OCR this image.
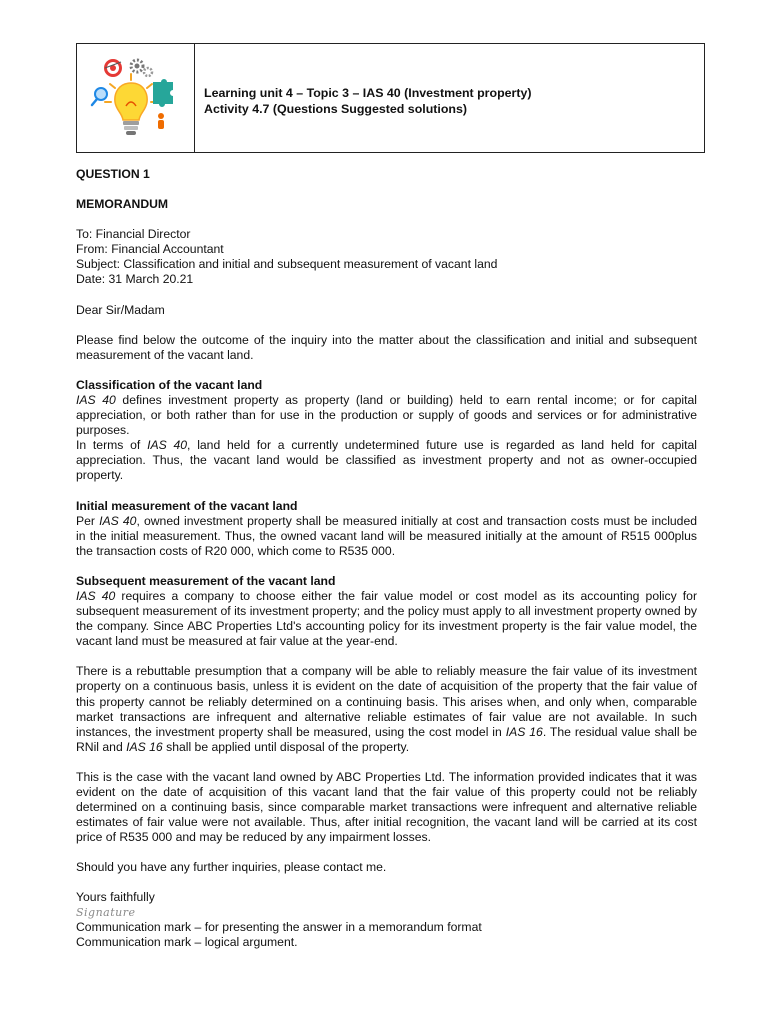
Learning unit 4 – Topic 3 – IAS 40 (Investment property)
Activity 4.7 (Questions Suggested solutions)

QUESTION 1

MEMORANDUM

To: Financial Director

From: Financial Accountant

Subject: Classification and initial and subsequent measurement of vacant land

Date: 31 March 20.21

Dear Sir/Madam

Please find below the outcome of the inquiry into the matter about the classification and initial and subsequent measurement of the vacant land.

Classification of the vacant land

IAS 40 defines investment property as property (land or building) held to earn rental income; or for capital appreciation, or both rather than for use in the production or supply of goods and services or for administrative purposes.

In terms of IAS 40, land held for a currently undetermined future use is regarded as land held for capital appreciation. Thus, the vacant land would be classified as investment property and not as owner-occupied property.

Initial measurement of the vacant land

Per IAS 40, owned investment property shall be measured initially at cost and transaction costs must be included in the initial measurement. Thus, the owned vacant land will be measured initially at the amount of R515 000plus the transaction costs of R20 000, which come to R535 000.

Subsequent measurement of the vacant land

IAS 40 requires a company to choose either the fair value model or cost model as its accounting policy for subsequent measurement of its investment property; and the policy must apply to all investment property owned by the company. Since ABC Properties Ltd's accounting policy for its investment property is the fair value model, the vacant land must be measured at fair value at the year-end.

There is a rebuttable presumption that a company will be able to reliably measure the fair value of its investment property on a continuous basis, unless it is evident on the date of acquisition of the property that the fair value of this property cannot be reliably determined on a continuing basis. This arises when, and only when, comparable market transactions are infrequent and alternative reliable estimates of fair value are not available. In such instances, the investment property shall be measured, using the cost model in IAS 16. The residual value shall be RNil and IAS 16 shall be applied until disposal of the property.

This is the case with the vacant land owned by ABC Properties Ltd. The information provided indicates that it was evident on the date of acquisition of this vacant land that the fair value of this property could not be reliably determined on a continuing basis, since comparable market transactions were infrequent and alternative reliable estimates of fair value were not available. Thus, after initial recognition, the vacant land will be carried at its cost price of R535 000 and may be reduced by any impairment losses.

Should you have any further inquiries, please contact me.

Yours faithfully

Signature

Communication mark – for presenting the answer in a memorandum format

Communication mark – logical argument.
